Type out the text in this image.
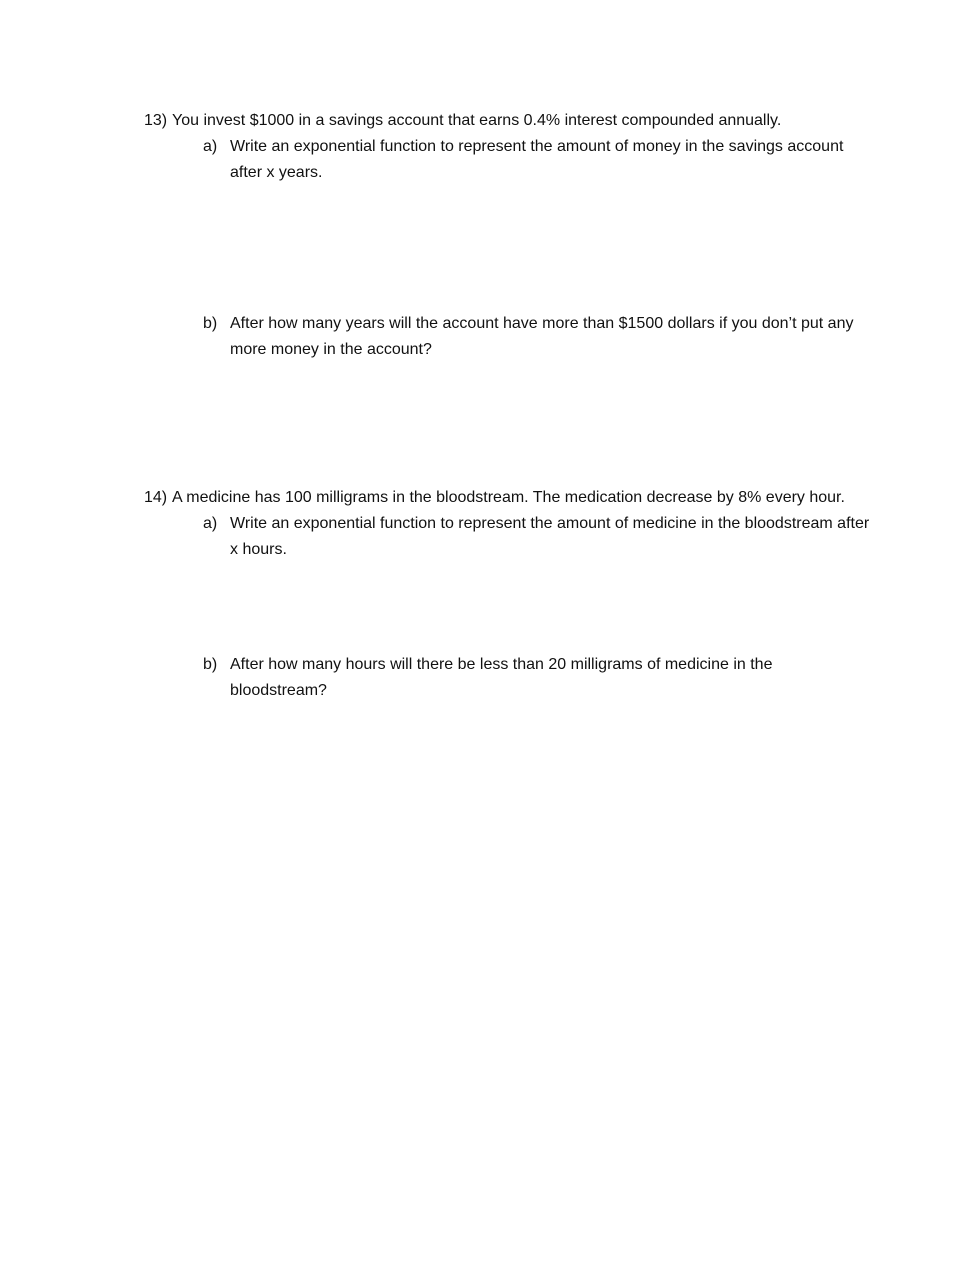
13) You invest $1000 in a savings account that earns 0.4% interest compounded annually.
a) Write an exponential function to represent the amount of money in the savings account after x years.
b) After how many years will the account have more than $1500 dollars if you don’t put any more money in the account?
14) A medicine has 100 milligrams in the bloodstream. The medication decrease by 8% every hour.
a) Write an exponential function to represent the amount of medicine in the bloodstream after x hours.
b) After how many hours will there be less than 20 milligrams of medicine in the bloodstream?
